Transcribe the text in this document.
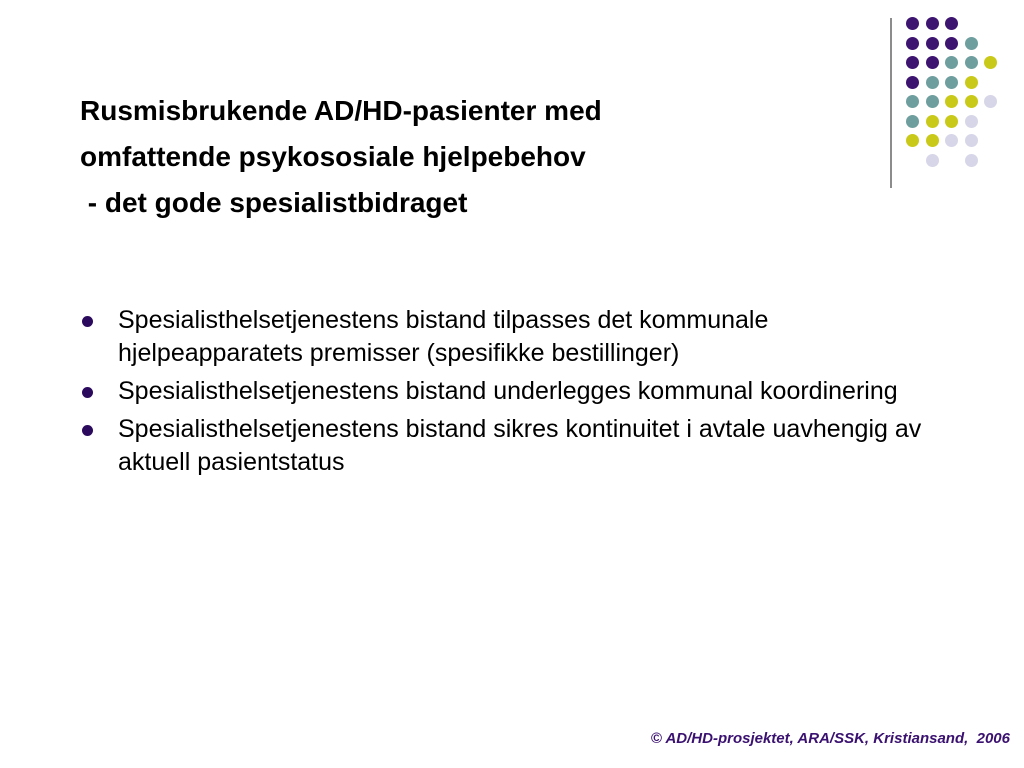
Rusmisbrukende AD/HD-pasienter med
omfattende psykososiale hjelpebehov
- det gode spesialistbidraget
Spesialisthelsetjenestens bistand tilpasses det kommunale hjelpeapparatets premisser (spesifikke bestillinger)
Spesialisthelsetjenestens bistand underlegges kommunal koordinering
Spesialisthelsetjenestens bistand sikres kontinuitet i avtale uavhengig av aktuell pasientstatus
© AD/HD-prosjektet, ARA/SSK, Kristiansand,  2006
